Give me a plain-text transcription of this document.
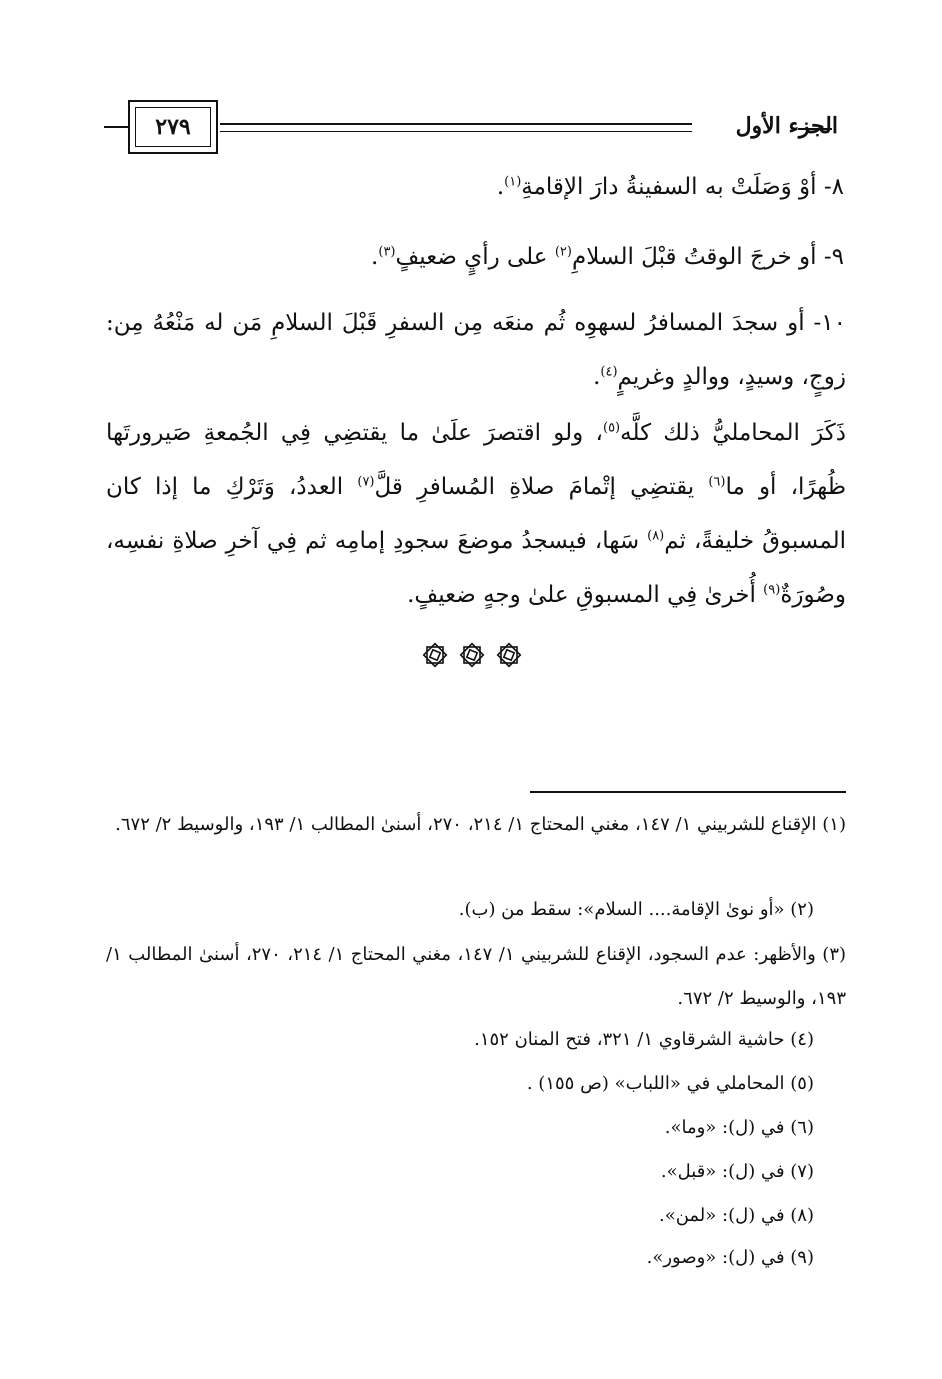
الجزء الأول
٢٧٩
٨- أوْ وَصَلَتْ به السفينةُ دارَ الإقامةِ$^{(١)}$.
٩- أو خرجَ الوقتُ قبْلَ السلامِ$^{(٢)}$ على رأيٍ ضعيفٍ$^{(٣)}$.
١٠- أو سجدَ المسافرُ لسهوِه ثُم منعَه مِن السفرِ قَبْلَ السلامِ مَن له مَنْعُهُ مِن: زوجٍ، وسيدٍ، ووالدٍ وغريمٍ$^{(٤)}$.
ذَكَرَ المحامليُّ ذلك كلَّه$^{(٥)}$، ولو اقتصرَ علَىٰ ما يقتضِي فِي الجُمعةِ صَيرورتَها ظُهرًا، أو ما$^{(٦)}$ يقتضِي إتْمامَ صلاةِ المُسافرِ قلَّ$^{(٧)}$ العددُ، وَتَرْكِ ما إذا كان المسبوقُ خليفةً، ثم$^{(٨)}$ سَها، فيسجدُ موضعَ سجودِ إمامِه ثم فِي آخرِ صلاةِ نفسِه، وصُورَةٌ$^{(٩)}$ أُخرىٰ فِي المسبوقِ علىٰ وجهٍ ضعيفٍ.
(١) الإقناع للشربيني ١/ ١٤٧، مغني المحتاج ١/ ٢١٤، ٢٧٠، أسنىٰ المطالب ١/ ١٩٣، والوسيط ٢/ ٦٧٢.
(٢) «أو نوىٰ الإقامة.... السلام»: سقط من (ب).
(٣) والأظهر: عدم السجود، الإقناع للشربيني ١/ ١٤٧، مغني المحتاج ١/ ٢١٤، ٢٧٠، أسنىٰ المطالب ١/ ١٩٣، والوسيط ٢/ ٦٧٢.
(٤) حاشية الشرقاوي ١/ ٣٢١، فتح المنان ١٥٢.
(٥) المحاملي في «اللباب» (ص ١٥٥) .
(٦) في (ل): «وما».
(٧) في (ل): «قبل».
(٨) في (ل): «لمن».
(٩) في (ل): «وصور».
